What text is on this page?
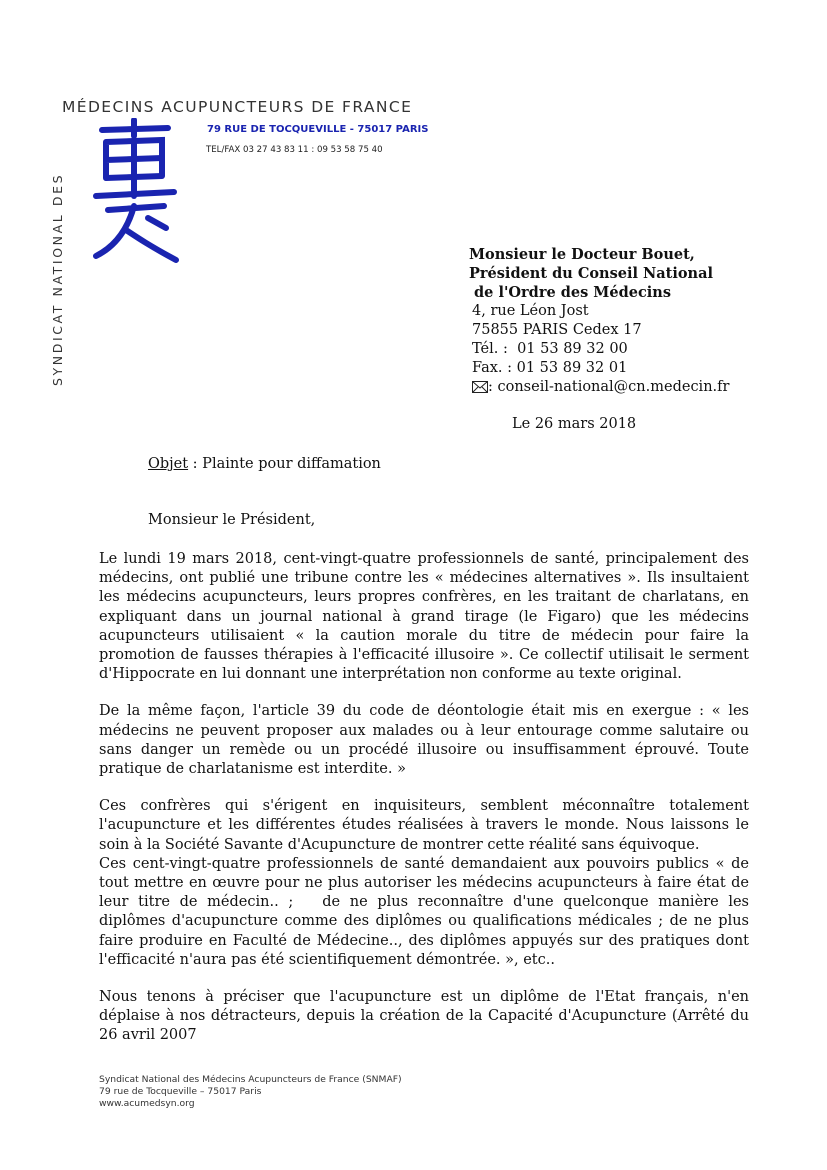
SYNDICAT NATIONAL DES
MÉDECINS ACUPUNCTEURS DE FRANCE
79 RUE DE TOCQUEVILLE - 75017 PARIS
TEL/FAX 03 27 43 83 11 : 09 53 58 75 40
Monsieur le Docteur Bouet,
Président du Conseil National
de l'Ordre des Médecins
4, rue Léon Jost
75855 PARIS Cedex 17
Tél. :  01 53 89 32 00
Fax. : 01 53 89 32 01
: conseil-national@cn.medecin.fr
Le 26 mars 2018
Objet : Plainte pour diffamation
Monsieur le Président,

Le lundi 19 mars 2018, cent-vingt-quatre professionnels de santé, principalement des médecins, ont publié une tribune contre les « médecines alternatives ». Ils insultaient les médecins acupuncteurs, leurs propres confrères, en les traitant de charlatans, en expliquant dans un journal national à grand tirage (le Figaro) que les médecins acupuncteurs utilisaient « la caution morale du titre de médecin pour faire la promotion de fausses thérapies à l'efficacité illusoire ». Ce collectif utilisait le serment d'Hippocrate en lui donnant une interprétation non conforme au texte original.

De la même façon, l'article 39 du code de déontologie était mis en exergue : « les médecins ne peuvent proposer aux malades ou à leur entourage comme salutaire ou sans danger un remède ou un procédé illusoire ou insuffisamment éprouvé. Toute pratique de charlatanisme est interdite. »

Ces confrères qui s'érigent en inquisiteurs, semblent méconnaître totalement l'acupuncture et les différentes études réalisées à travers le monde. Nous laissons le soin à la Société Savante d'Acupuncture de montrer cette réalité sans équivoque.

Ces cent-vingt-quatre professionnels de santé demandaient aux pouvoirs publics « de tout mettre en œuvre pour ne plus autoriser les médecins acupuncteurs à faire état de leur titre de médecin.. ;   de ne plus reconnaître d'une quelconque manière les diplômes d'acupuncture comme des diplômes ou qualifications médicales ; de ne plus faire produire en Faculté de Médecine.., des diplômes appuyés sur des pratiques dont l'efficacité n'aura pas été scientifiquement démontrée. », etc..

Nous tenons à préciser que l'acupuncture est un diplôme de l'Etat français, n'en déplaise à nos détracteurs, depuis la création de la Capacité d'Acupuncture (Arrêté du 26 avril 2007

Syndicat National des Médecins Acupuncteurs de France (SNMAF)
79 rue de Tocqueville – 75017 Paris
www.acumedsyn.org
